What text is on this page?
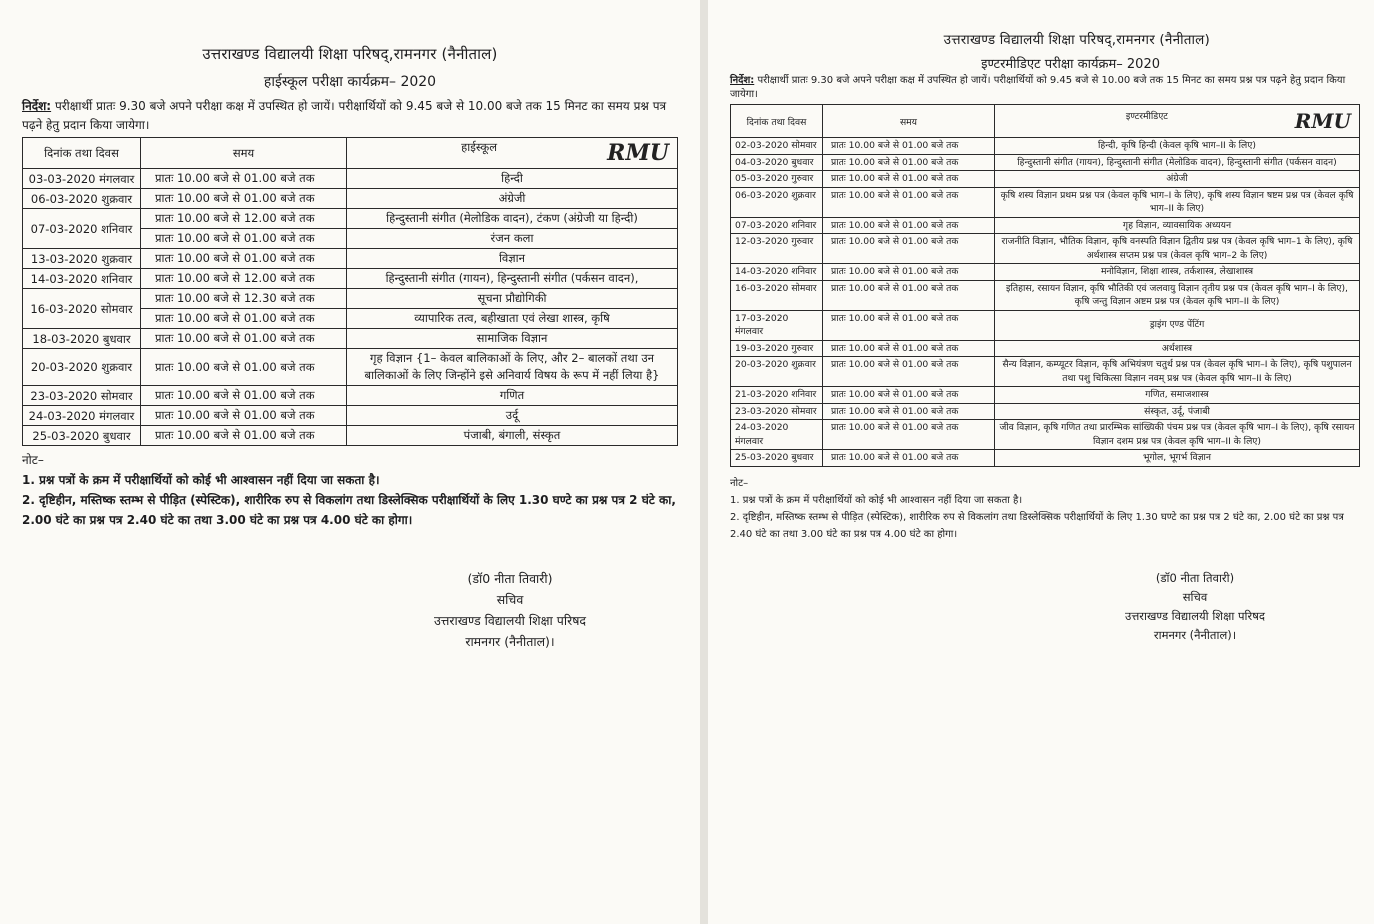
उत्तराखण्ड विद्यालयी शिक्षा परिषद्,रामनगर (नैनीताल)
हाईस्कूल परीक्षा कार्यक्रम– 2020
निर्देश: परीक्षार्थी प्रातः 9.30 बजे अपने परीक्षा कक्ष में उपस्थित हो जायें। परीक्षार्थियों को 9.45 बजे से 10.00 बजे तक 15 मिनट का समय प्रश्न पत्र पढ़ने हेतु प्रदान किया जायेगा।
दिनांक तथा दिवस	समय	हाईस्कूल RMU

03-03-2020 मंगलवार	प्रातः 10.00 बजे से 01.00 बजे तक	हिन्दी
06-03-2020 शुक्रवार	प्रातः 10.00 बजे से 01.00 बजे तक	अंग्रेजी
07-03-2020 शनिवार	प्रातः 10.00 बजे से 12.00 बजे तक	हिन्दुस्तानी संगीत (मेलोडिक वादन), टंकण (अंग्रेजी या हिन्दी)
	प्रातः 10.00 बजे से 01.00 बजे तक	रंजन कला
13-03-2020 शुक्रवार	प्रातः 10.00 बजे से 01.00 बजे तक	विज्ञान
14-03-2020 शनिवार	प्रातः 10.00 बजे से 12.00 बजे तक	हिन्दुस्तानी संगीत (गायन), हिन्दुस्तानी संगीत (पर्कसन वादन),
16-03-2020 सोमवार	प्रातः 10.00 बजे से 12.30 बजे तक	सूचना प्रौद्योगिकी
	प्रातः 10.00 बजे से 01.00 बजे तक	व्यापारिक तत्व, बहीखाता एवं लेखा शास्त्र, कृषि
18-03-2020 बुधवार	प्रातः 10.00 बजे से 01.00 बजे तक	सामाजिक विज्ञान
20-03-2020 शुक्रवार	प्रातः 10.00 बजे से 01.00 बजे तक	गृह विज्ञान {1– केवल बालिकाओं के लिए, और 2– बालकों तथा उन बालिकाओं के लिए जिन्होंने इसे अनिवार्य विषय के रूप में नहीं लिया है}
23-03-2020 सोमवार	प्रातः 10.00 बजे से 01.00 बजे तक	गणित
24-03-2020 मंगलवार	प्रातः 10.00 बजे से 01.00 बजे तक	उर्दू
25-03-2020 बुधवार	प्रातः 10.00 बजे से 01.00 बजे तक	पंजाबी, बंगाली, संस्कृत
नोट–
1. प्रश्न पत्रों के क्रम में परीक्षार्थियों को कोई भी आश्वासन नहीं दिया जा सकता है।
2. दृष्टिहीन, मस्तिष्क स्तम्भ से पीड़ित (स्पेस्टिक), शारीरिक रुप से विकलांग तथा डिस्लेक्सिक परीक्षार्थियों के लिए 1.30 घण्टे का प्रश्न पत्र 2 घंटे का, 2.00 घंटे का प्रश्न पत्र 2.40 घंटे का तथा 3.00 घंटे का प्रश्न पत्र 4.00 घंटे का होगा।
(डॉ0 नीता तिवारी)
सचिव
उत्तराखण्ड विद्यालयी शिक्षा परिषद
रामनगर (नैनीताल)।
उत्तराखण्ड विद्यालयी शिक्षा परिषद्,रामनगर (नैनीताल)
इण्टरमीडिएट परीक्षा कार्यक्रम– 2020
निर्देश: परीक्षार्थी प्रातः 9.30 बजे अपने परीक्षा कक्ष में उपस्थित हो जायें। परीक्षार्थियों को 9.45 बजे से 10.00 बजे तक 15 मिनट का समय प्रश्न पत्र पढ़ने हेतु प्रदान किया जायेगा।
दिनांक तथा दिवस	समय	इण्टरमीडिएट RMU

02-03-2020 सोमवार	प्रातः 10.00 बजे से 01.00 बजे तक	हिन्दी, कृषि हिन्दी (केवल कृषि भाग–II के लिए)
04-03-2020 बुधवार	प्रातः 10.00 बजे से 01.00 बजे तक	हिन्दुस्तानी संगीत (गायन), हिन्दुस्तानी संगीत (मेलोडिक वादन), हिन्दुस्तानी संगीत (पर्कसन वादन)
05-03-2020 गुरुवार	प्रातः 10.00 बजे से 01.00 बजे तक	अंग्रेजी
06-03-2020 शुक्रवार	प्रातः 10.00 बजे से 01.00 बजे तक	कृषि शस्य विज्ञान प्रथम प्रश्न पत्र (केवल कृषि भाग–I के लिए), कृषि शस्य विज्ञान षष्टम प्रश्न पत्र (केवल कृषि भाग–II के लिए)
07-03-2020 शनिवार	प्रातः 10.00 बजे से 01.00 बजे तक	गृह विज्ञान, व्यावसायिक अध्ययन
12-03-2020 गुरुवार	प्रातः 10.00 बजे से 01.00 बजे तक	राजनीति विज्ञान, भौतिक विज्ञान, कृषि वनस्पति विज्ञान द्वितीय प्रश्न पत्र (केवल कृषि भाग–1 के लिए), कृषि अर्थशास्त्र सप्तम प्रश्न पत्र (केवल कृषि भाग–2 के लिए)
14-03-2020 शनिवार	प्रातः 10.00 बजे से 01.00 बजे तक	मनोविज्ञान, शिक्षा शास्त्र, तर्कशास्त्र, लेखाशास्त्र
16-03-2020 सोमवार	प्रातः 10.00 बजे से 01.00 बजे तक	इतिहास, रसायन विज्ञान, कृषि भौतिकी एवं जलवायु विज्ञान तृतीय प्रश्न पत्र (केवल कृषि भाग–I के लिए), कृषि जन्तु विज्ञान अष्टम प्रश्न पत्र (केवल कृषि भाग–II के लिए)
17-03-2020 मंगलवार	प्रातः 10.00 बजे से 01.00 बजे तक	ड्राइंग एण्ड पेंटिंग
19-03-2020 गुरुवार	प्रातः 10.00 बजे से 01.00 बजे तक	अर्थशास्त्र
20-03-2020 शुक्रवार	प्रातः 10.00 बजे से 01.00 बजे तक	सैन्य विज्ञान, कम्प्यूटर विज्ञान, कृषि अभियंत्रण चतुर्थ प्रश्न पत्र (केवल कृषि भाग–I के लिए), कृषि पशुपालन तथा पशु चिकित्सा विज्ञान नवम् प्रश्न पत्र (केवल कृषि भाग–II के लिए)
21-03-2020 शनिवार	प्रातः 10.00 बजे से 01.00 बजे तक	गणित, समाजशास्त्र
23-03-2020 सोमवार	प्रातः 10.00 बजे से 01.00 बजे तक	संस्कृत, उर्दू, पंजाबी
24-03-2020 मंगलवार	प्रातः 10.00 बजे से 01.00 बजे तक	जीव विज्ञान, कृषि गणित तथा प्रारम्भिक सांख्यिकी पंचम प्रश्न पत्र (केवल कृषि भाग–I के लिए), कृषि रसायन विज्ञान दशम प्रश्न पत्र (केवल कृषि भाग–II के लिए)
25-03-2020 बुधवार	प्रातः 10.00 बजे से 01.00 बजे तक	भूगोल, भूगर्भ विज्ञान
नोट–
1. प्रश्न पत्रों के क्रम में परीक्षार्थियों को कोई भी आश्वासन नहीं दिया जा सकता है।
2. दृष्टिहीन, मस्तिष्क स्तम्भ से पीड़ित (स्पेस्टिक), शारीरिक रुप से विकलांग तथा डिस्लेक्सिक परीक्षार्थियों के लिए 1.30 घण्टे का प्रश्न पत्र 2 घंटे का, 2.00 घंटे का प्रश्न पत्र 2.40 घंटे का तथा 3.00 घंटे का प्रश्न पत्र 4.00 घंटे का होगा।
(डॉ0 नीता तिवारी)
सचिव
उत्तराखण्ड विद्यालयी शिक्षा परिषद
रामनगर (नैनीताल)।
